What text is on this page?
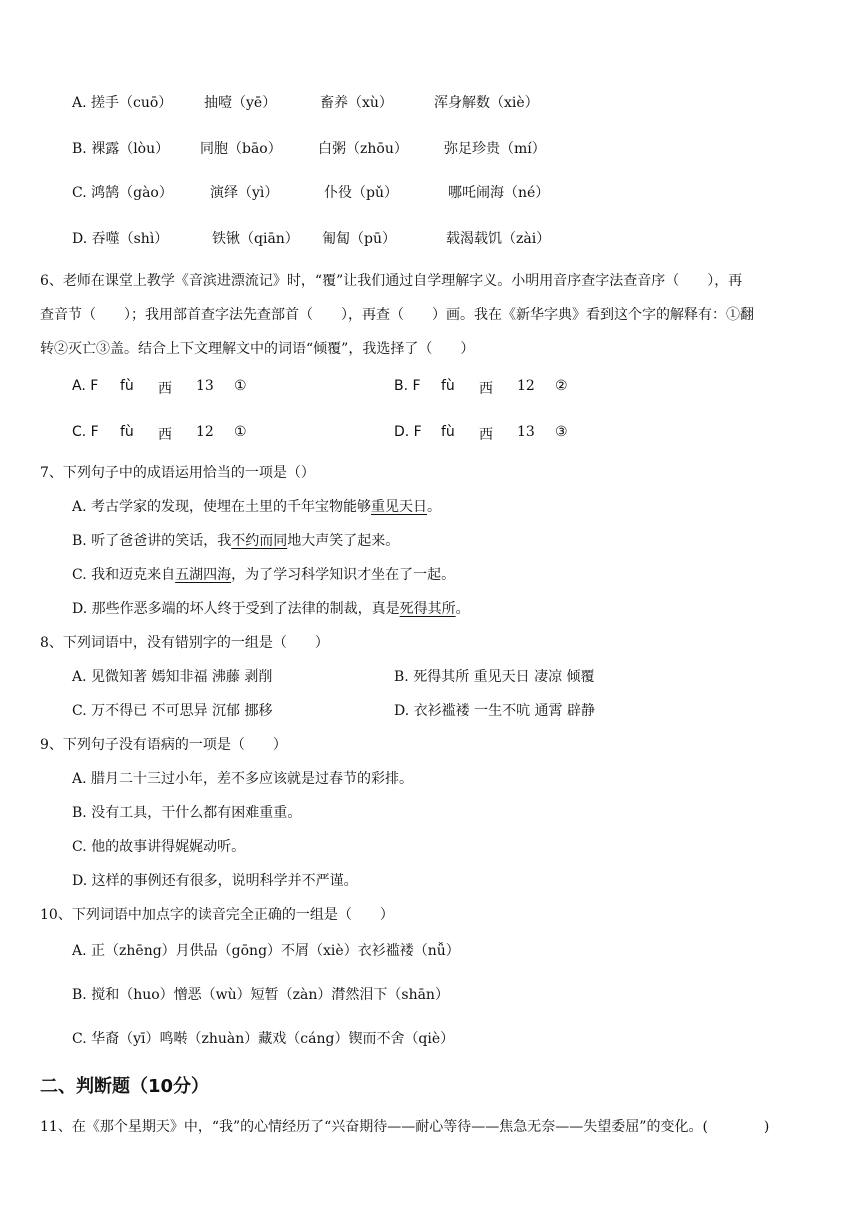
A. 搓手（cuō） 抽噎（yē）	畜养（xù）	浑身解数（xiè）
B. 裸露（lòu） 同胞（bāo）	白粥（zhōu）	弥足珍贵（mí）
C. 鸿鹄（gào）	演绎（yì）	仆役（pǔ）	哪吒闹海（né）
D. 吞噬（shì）	铁锹（qiān） 匍匐（pū）	载渴载饥（zài）
6、老师在课堂上教学《音滨进漂流记》时，“覆”让我们通过自学理解字义。小明用音序查字法查音序（　　），再
查音节（　　）；我用部首查字法先查部首（　　），再查（　　）画。我在《新华字典》看到这个字的解释有：①翻
转②灭亡③盖。结合上下文理解文中的词语“倾覆”，我选择了（　　）
A. F fù 西 13 ①	B. F fù 西 12 ②
C. F fù 西 12 ①	D. F fù 西 13 ③
7、下列句子中的成语运用恰当的一项是（）
A. 考古学家的发现，使埋在土里的千年宝物能够重见天日。
B. 听了爸爸讲的笑话，我不约而同地大声笑了起来。
C. 我和迈克来自五湖四海，为了学习科学知识才坐在了一起。
D. 那些作恶多端的坏人终于受到了法律的制裁，真是死得其所。
8、下列词语中，没有错别字的一组是（　　）
A. 见微知著 嫣知非福 沸藤 剥削	B. 死得其所 重见天日 凄凉 倾覆
C. 万不得已 不可思异 沉郁 挪移	D. 衣衫褴褛 一生不吭 通霄 辟静
9、下列句子没有语病的一项是（　　）
A. 腊月二十三过小年，差不多应该就是过春节的彩排。
B. 没有工具，干什么都有困难重重。
C. 他的故事讲得娓娓动听。
D. 这样的事例还有很多，说明科学并不严谨。
10、下列词语中加点字的读音完全正确的一组是（　　）
A. 正（zhēng）月供品（gōng）不屑（xiè）衣衫褴褛（nǚ）
B. 搅和（huo）憎恶（wù）短暂（zàn）潸然泪下（shān）
C. 华裔（yī）鸣啭（zhuàn）藏戏（cáng）锲而不舍（qiè）
二、判断题（10分）
11、在《那个星期天》中，“我”的心情经历了“兴奋期待——耐心等待——焦急无奈——失望委屈”的变化。(　　　　)
